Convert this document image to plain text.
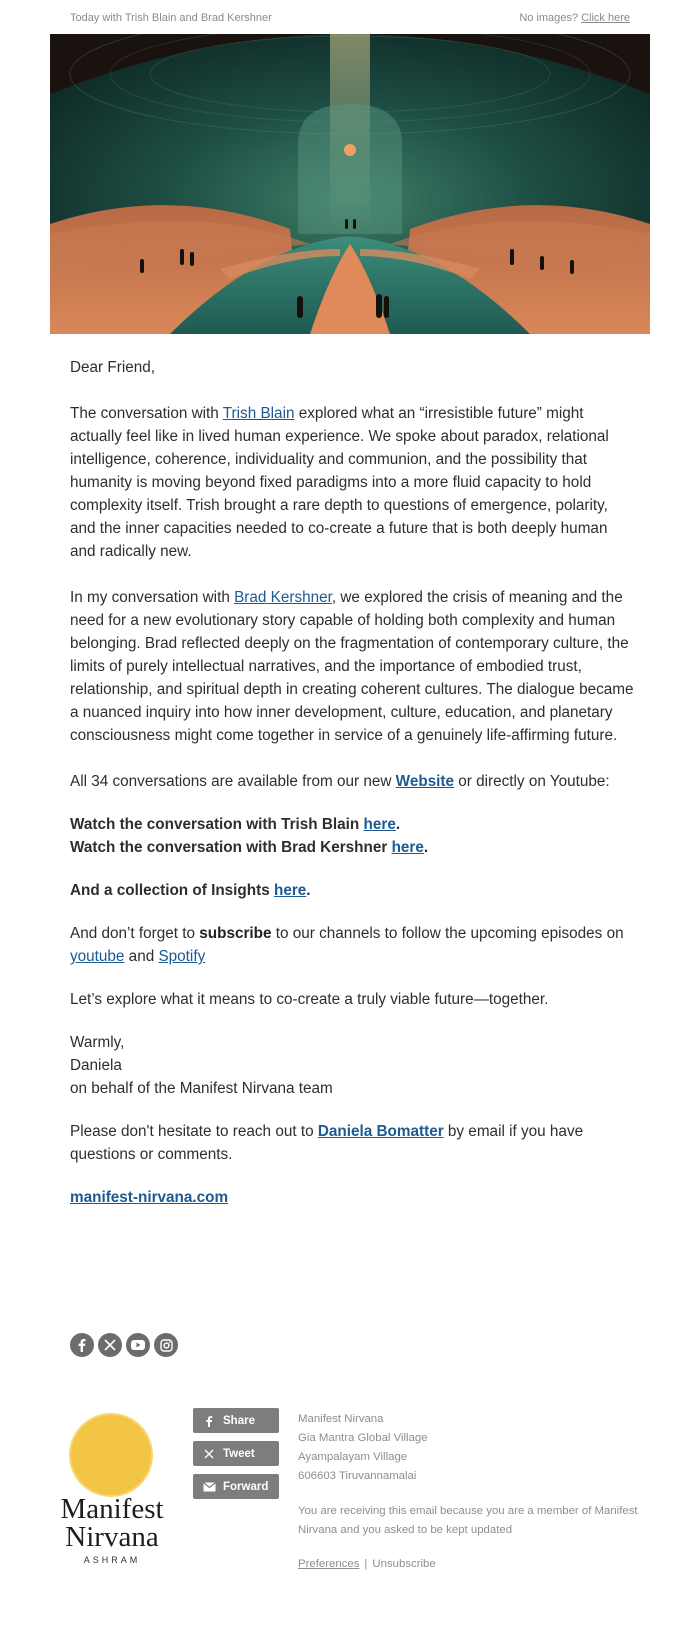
Today with Trish Blain and Brad Kershner	No images? Click here

Dear Friend,

The conversation with Trish Blain explored what an “irresistible future” might actually feel like in lived human experience. We spoke about paradox, relational intelligence, coherence, individuality and communion, and the possibility that humanity is moving beyond fixed paradigms into a more fluid capacity to hold complexity itself. Trish brought a rare depth to questions of emergence, polarity, and the inner capacities needed to co-create a future that is both deeply human and radically new.

In my conversation with Brad Kershner, we explored the crisis of meaning and the need for a new evolutionary story capable of holding both complexity and human belonging. Brad reflected deeply on the fragmentation of contemporary culture, the limits of purely intellectual narratives, and the importance of embodied trust, relationship, and spiritual depth in creating coherent cultures. The dialogue became a nuanced inquiry into how inner development, culture, education, and planetary consciousness might come together in service of a genuinely life-affirming future.

All 34 conversations are available from our new Website or directly on Youtube:

Watch the conversation with Trish Blain here.
Watch the conversation with Brad Kershner here.

And a collection of Insights here.

And don’t forget to subscribe to our channels to follow the upcoming episodes on youtube and Spotify

Let’s explore what it means to co-create a truly viable future—together.

Warmly,
Daniela
on behalf of the Manifest Nirvana team

Please don't hesitate to reach out to Daniela Bomatter by email if you have questions or comments.

manifest-nirvana.com

Manifest
Nirvana
ASHRAM
Share
Tweet
Forward
Manifest Nirvana
Gia Mantra Global Village
Ayampalayam Village
606603 Tiruvannamalai
You are receiving this email because you are a member of Manifest Nirvana and you asked to be kept updated
Preferences | Unsubscribe
